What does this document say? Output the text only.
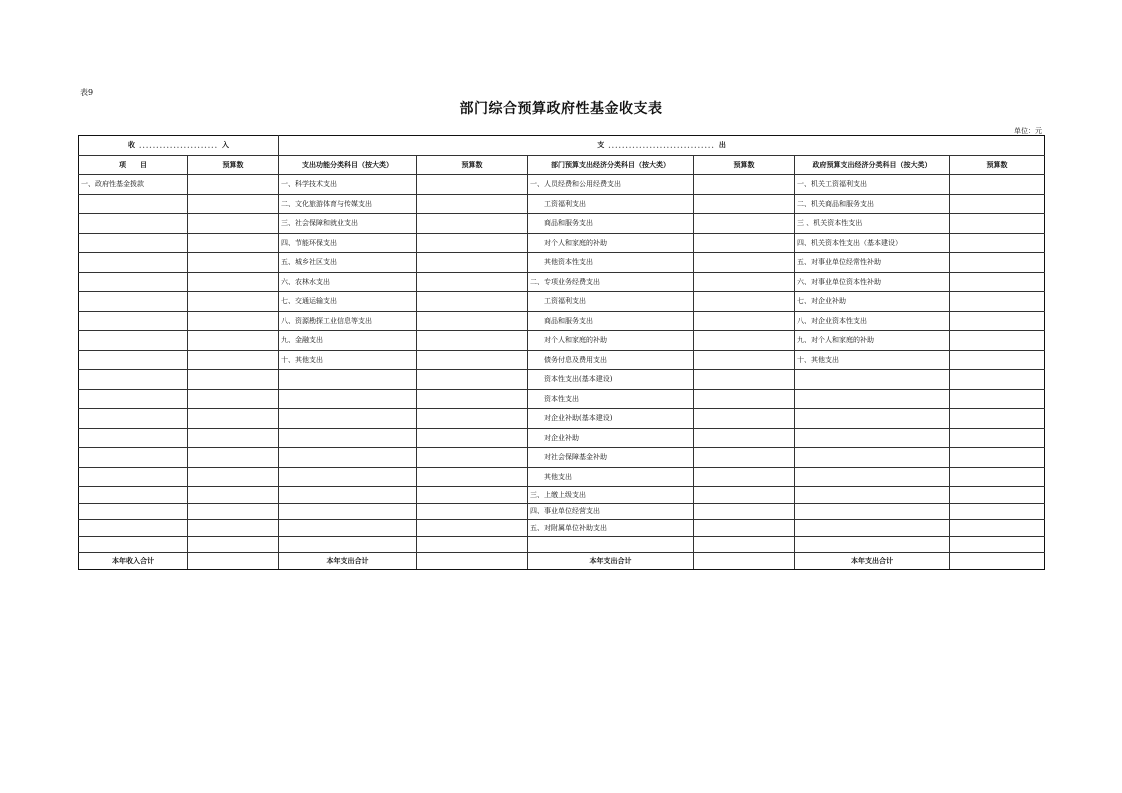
表9
部门综合预算政府性基金收支表
单位：元
收 ....................... 入		支 ............................... 出					

项　　目	预算数	支出功能分类科目（按大类）	预算数	部门预算支出经济分类科目（按大类）	预算数	政府预算支出经济分类科目（按大类）	预算数
一、政府性基金拨款		一、科学技术支出		一、人员经费和公用经费支出		一、机关工资福利支出	
		二、文化旅游体育与传媒支出		工资福利支出		二、机关商品和服务支出	
		三、社会保障和就业支出		商品和服务支出		三 、机关资本性支出	
		四、节能环保支出		对个人和家庭的补助		四、机关资本性支出（基本建设）	
		五、城乡社区支出		其他资本性支出		五、对事业单位经常性补助	
		六、农林水支出		二、专项业务经费支出		六、对事业单位资本性补助	
		七、交通运输支出		工资福利支出		七、对企业补助	
		八、资源勘探工业信息等支出		商品和服务支出		八、对企业资本性支出	
		九、金融支出		对个人和家庭的补助		九、对个人和家庭的补助	
		十、其他支出		债务付息及费用支出		十、其他支出	
				资本性支出(基本建设)			
				资本性支出			
				对企业补助(基本建设)			
				对企业补助			
				对社会保障基金补助			
				其他支出			
				三、上缴上级支出			
				四、事业单位经营支出			
				五、对附属单位补助支出			

本年收入合计		本年支出合计		本年支出合计		本年支出合计	
